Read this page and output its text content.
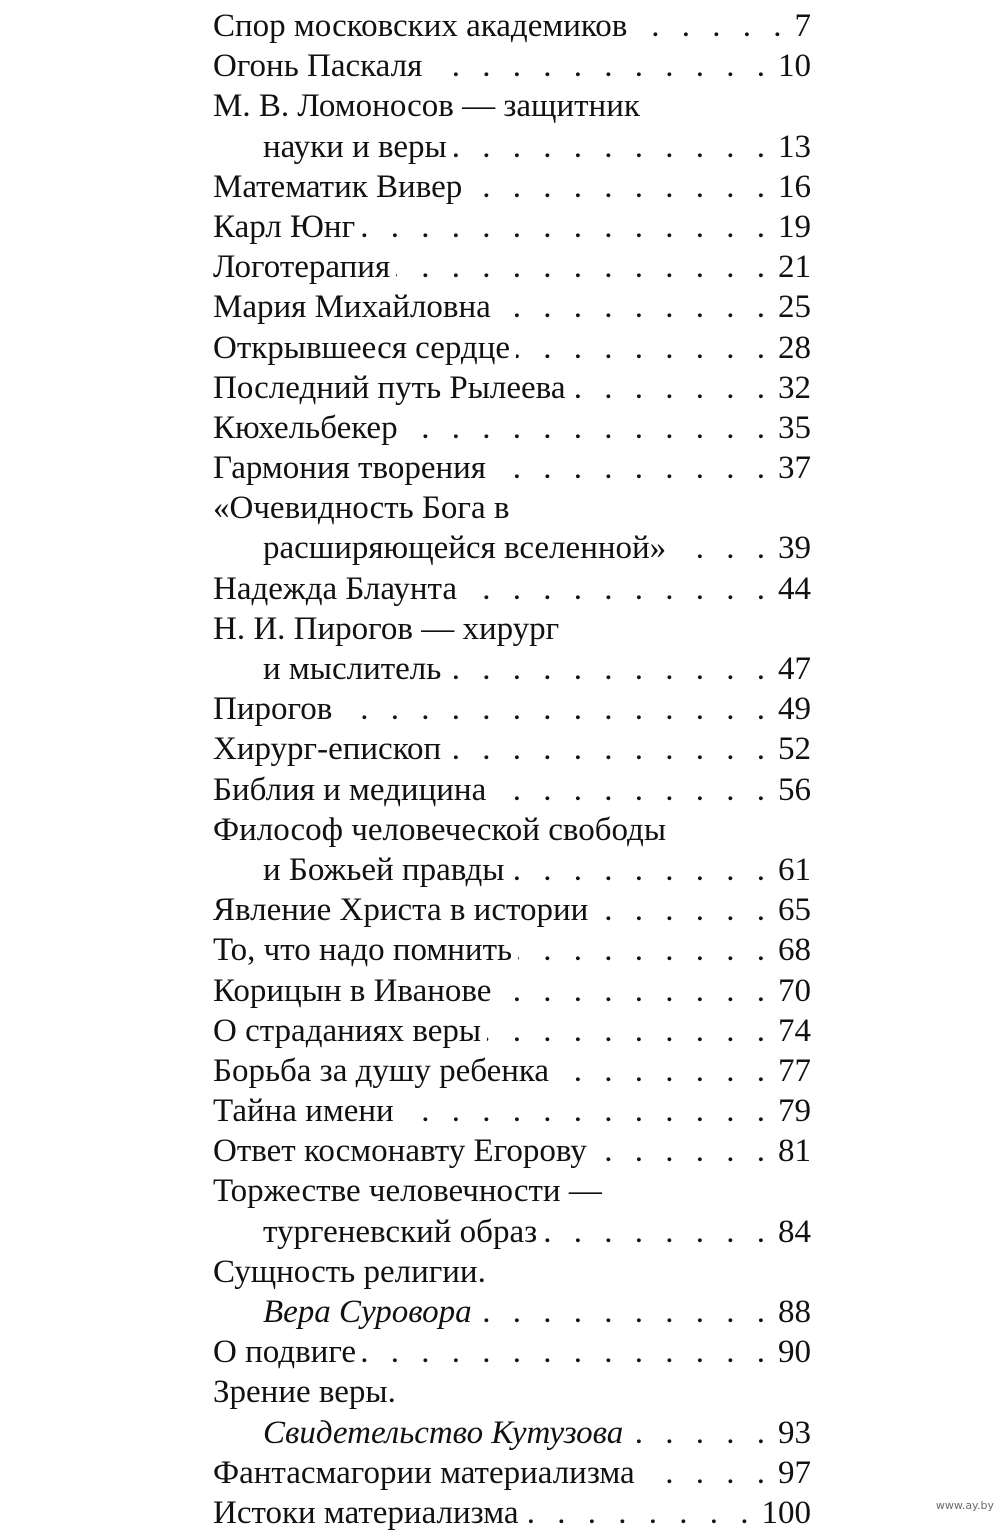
Спор московских академиков . . .	7
Огонь Паскаля . . .	10
М. В. Ломоносов — защитник
науки и веры . . .	13
Математик Вивер . . .	16
Карл Юнг . . .	19
Логотерапия . . .	21
Мария Михайловна . . .	25
Открывшееся сердце . . .	28
Последний путь Рылеева . . .	32
Кюхельбекер . . .	35
Гармония творения . . .	37
«Очевидность Бога в
расширяющейся вселенной» . . .	39
Надежда Блаунта . . .	44
Н. И. Пирогов — хирург
и мыслитель . . .	47
Пирогов . . .	49
Хирург-епископ . . .	52
Библия и медицина . . .	56
Философ человеческой свободы
и Божьей правды . . .	61
Явление Христа в истории . . .	65
То, что надо помнить . . .	68
Корицын в Иванове . . .	70
О страданиях веры . . .	74
Борьба за душу ребенка . . .	77
Тайна имени . . .	79
Ответ космонавту Егорову . . .	81
Торжестве человечности —
тургеневский образ . . .	84
Сущность религии.
Вера Суровора . . .	88
О подвиге . . .	90
Зрение веры.
Свидетельство Кутузова . . .	93
Фантасмагории материализма . . .	97
Истоки материализма . . .	100	www.ay.by
